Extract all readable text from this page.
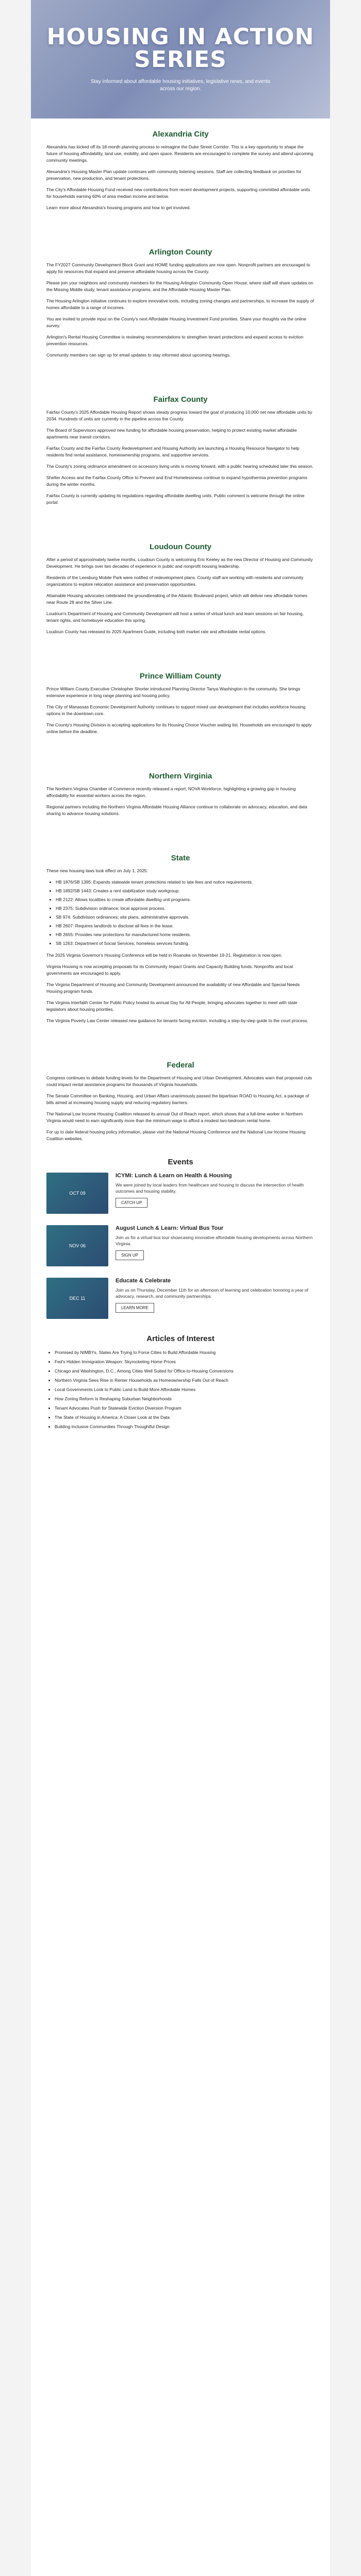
HOUSING IN ACTION
SERIES

Stay informed about affordable housing initiatives, legislative news, and events across our region.

Alexandria City

Alexandria has kicked off its 18-month planning process to reimagine the Duke Street Corridor. This is a key opportunity to shape the future of housing affordability, land use, mobility, and open space. Residents are encouraged to complete the survey and attend upcoming community meetings.

Alexandria's Housing Master Plan update continues with community listening sessions. Staff are collecting feedback on priorities for preservation, new production, and tenant protections.

The City's Affordable Housing Fund received new contributions from recent development projects, supporting committed affordable units for households earning 60% of area median income and below.

Learn more about Alexandria's housing programs and how to get involved.

Arlington County

The FY2027 Community Development Block Grant and HOME funding applications are now open. Nonprofit partners are encouraged to apply for resources that expand and preserve affordable housing across the County.

Please join your neighbors and community members for the Housing Arlington Community Open House, where staff will share updates on the Missing Middle study, tenant assistance programs, and the Affordable Housing Master Plan.

The Housing Arlington initiative continues to explore innovative tools, including zoning changes and partnerships, to increase the supply of homes affordable to a range of incomes.

You are invited to provide input on the County's next Affordable Housing Investment Fund priorities. Share your thoughts via the online survey.

Arlington's Rental Housing Committee is reviewing recommendations to strengthen tenant protections and expand access to eviction prevention resources.

Community members can sign up for email updates to stay informed about upcoming hearings.

Fairfax County

Fairfax County's 2025 Affordable Housing Report shows steady progress toward the goal of producing 10,000 net new affordable units by 2034. Hundreds of units are currently in the pipeline across the County.

The Board of Supervisors approved new funding for affordable housing preservation, helping to protect existing market affordable apartments near transit corridors.

Fairfax County and the Fairfax County Redevelopment and Housing Authority are launching a Housing Resource Navigator to help residents find rental assistance, homeownership programs, and supportive services.

The County's zoning ordinance amendment on accessory living units is moving forward, with a public hearing scheduled later this season.

Shelter Access and the Fairfax County Office to Prevent and End Homelessness continue to expand hypothermia prevention programs during the winter months.

Fairfax County is currently updating its regulations regarding affordable dwelling units. Public comment is welcome through the online portal.

Loudoun County

After a period of approximately twelve months, Loudoun County is welcoming Eric Keeley as the new Director of Housing and Community Development. He brings over two decades of experience in public and nonprofit housing leadership.

Residents of the Leesburg Mobile Park were notified of redevelopment plans. County staff are working with residents and community organizations to explore relocation assistance and preservation opportunities.

Attainable Housing advocates celebrated the groundbreaking of the Atlantic Boulevard project, which will deliver new affordable homes near Route 28 and the Silver Line.

Loudoun's Department of Housing and Community Development will host a series of virtual lunch and learn sessions on fair housing, tenant rights, and homebuyer education this spring.

Loudoun County has released its 2025 Apartment Guide, including both market rate and affordable rental options.

Prince William County

Prince William County Executive Christopher Shorter introduced Planning Director Tanya Washington to the community. She brings extensive experience in long range planning and housing policy.

The City of Manassas Economic Development Authority continues to support mixed use development that includes workforce housing options in the downtown core.

The County's Housing Division is accepting applications for its Housing Choice Voucher waiting list. Households are encouraged to apply online before the deadline.

Northern Virginia

The Northern Virginia Chamber of Commerce recently released a report, NOVA Workforce, highlighting a growing gap in housing affordability for essential workers across the region.

Regional partners including the Northern Virginia Affordable Housing Alliance continue to collaborate on advocacy, education, and data sharing to advance housing solutions.

State

These new housing laws took effect on July 1, 2025:

• HB 1876/SB 1395: Expands statewide tenant protections related to late fees and notice requirements.
• HB 1892/SB 1443: Creates a rent stabilization study workgroup.
• HB 2122: Allows localities to create affordable dwelling unit programs.
• HB 2375: Subdivision ordinance; local approval process.
• SB 974: Subdivision ordinances; site plans, administrative approvals.
• HB 2607: Requires landlords to disclose all fees in the lease.
• HB 2655: Provides new protections for manufactured home residents.
• SB 1263: Department of Social Services; homeless services funding.

The 2025 Virginia Governor's Housing Conference will be held in Roanoke on November 19-21. Registration is now open.

Virginia Housing is now accepting proposals for its Community Impact Grants and Capacity Building funds. Nonprofits and local governments are encouraged to apply.

The Virginia Department of Housing and Community Development announced the availability of new Affordable and Special Needs Housing program funds.

The Virginia Interfaith Center for Public Policy hosted its annual Day for All People, bringing advocates together to meet with state legislators about housing priorities.

The Virginia Poverty Law Center released new guidance for tenants facing eviction, including a step-by-step guide to the court process.

Federal

Congress continues to debate funding levels for the Department of Housing and Urban Development. Advocates warn that proposed cuts could impact rental assistance programs for thousands of Virginia households.

The Senate Committee on Banking, Housing, and Urban Affairs unanimously passed the bipartisan ROAD to Housing Act, a package of bills aimed at increasing housing supply and reducing regulatory barriers.

The National Low Income Housing Coalition released its annual Out of Reach report, which shows that a full-time worker in Northern Virginia would need to earn significantly more than the minimum wage to afford a modest two-bedroom rental home.

For up to date federal housing policy information, please visit the National Housing Conference and the National Low Income Housing Coalition websites.

Events
OCT 09
ICYMI: Lunch & Learn on Health & Housing

We were joined by local leaders from healthcare and housing to discuss the intersection of health outcomes and housing stability.

CATCH UP
NOV 06
August Lunch & Learn: Virtual Bus Tour

Join us for a virtual bus tour showcasing innovative affordable housing developments across Northern Virginia.

SIGN UP
DEC 11
Educate & Celebrate

Join us on Thursday, December 11th for an afternoon of learning and celebration honoring a year of advocacy, research, and community partnerships.

LEARN MORE
Articles of Interest
• Promised by NIMBYs, States Are Trying to Force Cities to Build Affordable Housing
• Fed's Hidden Immigration Weapon: Skyrocketing Home Prices
• Chicago and Washington, D.C., Among Cities Well Suited for Office-to-Housing Conversions
• Northern Virginia Sees Rise in Renter Households as Homeownership Falls Out of Reach
• Local Governments Look to Public Land to Build More Affordable Homes
• How Zoning Reform Is Reshaping Suburban Neighborhoods
• Tenant Advocates Push for Statewide Eviction Diversion Program
• The State of Housing in America: A Closer Look at the Data
• Building Inclusive Communities Through Thoughtful Design
